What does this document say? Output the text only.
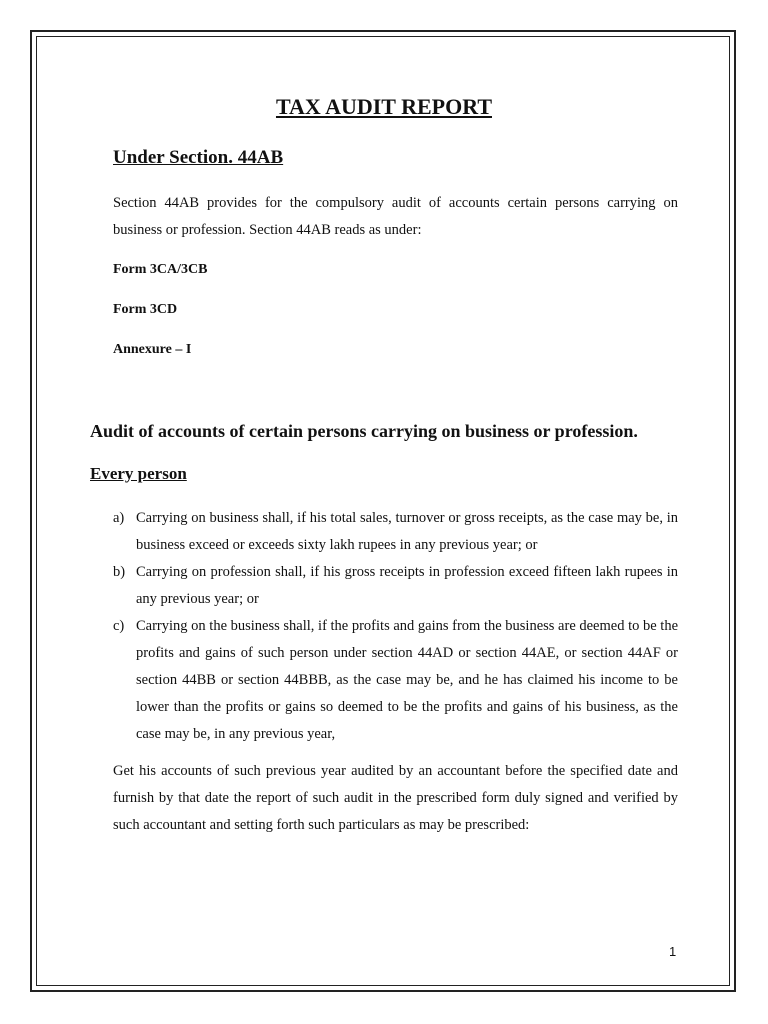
TAX AUDIT REPORT
Under Section. 44AB

Section 44AB provides for the compulsory audit of accounts certain persons carrying on business or profession. Section 44AB reads as under:

Form 3CA/3CB

Form 3CD

Annexure – I

Audit of accounts of certain persons carrying on business or profession.
Every person
a) Carrying on business shall, if his total sales, turnover or gross receipts, as the case may be, in business exceed or exceeds sixty lakh rupees in any previous year; or
b) Carrying on profession shall, if his gross receipts in profession exceed fifteen lakh rupees in any previous year; or
c) Carrying on the business shall, if the profits and gains from the business are deemed to be the profits and gains of such person under section 44AD or section 44AE, or section 44AF or section 44BB or section 44BBB, as the case may be, and he has claimed his income to be lower than the profits or gains so deemed to be the profits and gains of his business, as the case may be, in any previous year,

Get his accounts of such previous year audited by an accountant before the specified date and furnish by that date the report of such audit in the prescribed form duly signed and verified by such accountant and setting forth such particulars as may be prescribed:

1
